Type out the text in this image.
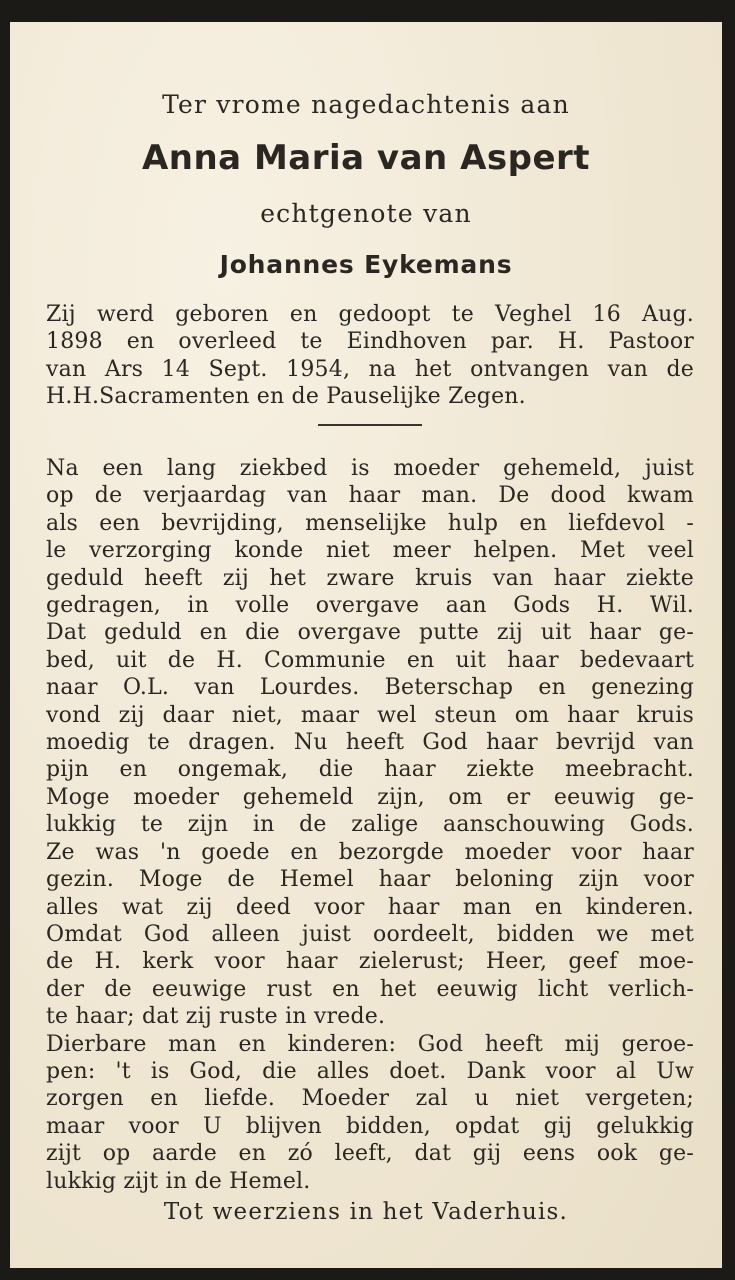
Ter vrome nagedachtenis aan

Anna Maria van Aspert

echtgenote van

Johannes Eykemans

Zij werd geboren en gedoopt te Veghel 16 Aug.
1898 en overleed te Eindhoven par. H. Pastoor
van Ars 14 Sept. 1954, na het ontvangen van de
H.H.Sacramenten en de Pauselijke Zegen.
Na een lang ziekbed is moeder gehemeld, juist
op de verjaardag van haar man. De dood kwam
als een bevrijding, menselijke hulp en liefdevol -
le verzorging konde niet meer helpen. Met veel
geduld heeft zij het zware kruis van haar ziekte
gedragen, in volle overgave aan Gods H. Wil.
Dat geduld en die overgave putte zij uit haar ge-
bed, uit de H. Communie en uit haar bedevaart
naar O.L. van Lourdes. Beterschap en genezing
vond zij daar niet, maar wel steun om haar kruis
moedig te dragen. Nu heeft God haar bevrijd van
pijn en ongemak, die haar ziekte meebracht.
Moge moeder gehemeld zijn, om er eeuwig ge-
lukkig te zijn in de zalige aanschouwing Gods.
Ze was 'n goede en bezorgde moeder voor haar
gezin. Moge de Hemel haar beloning zijn voor
alles wat zij deed voor haar man en kinderen.
Omdat God alleen juist oordeelt, bidden we met
de H. kerk voor haar zielerust; Heer, geef moe-
der de eeuwige rust en het eeuwig licht verlich-
te haar; dat zij ruste in vrede.
Dierbare man en kinderen: God heeft mij geroe-
pen: 't is God, die alles doet. Dank voor al Uw
zorgen en liefde. Moeder zal u niet vergeten;
maar voor U blijven bidden, opdat gij gelukkig
zijt op aarde en zó leeft, dat gij eens ook ge-
lukkig zijt in de Hemel.

Tot weerziens in het Vaderhuis.
